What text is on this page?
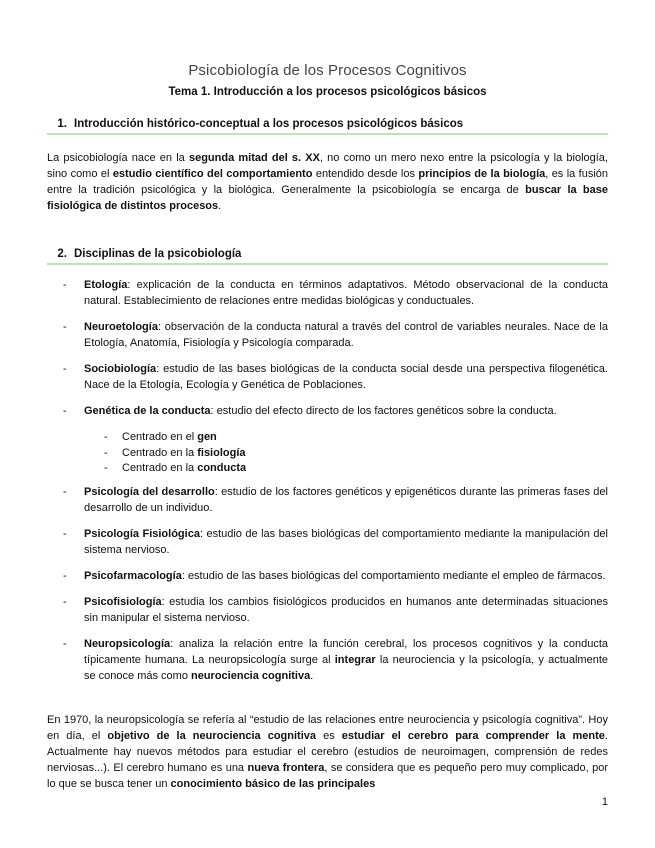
Psicobiología de los Procesos Cognitivos
Tema 1. Introducción a los procesos psicológicos básicos
1. Introducción histórico-conceptual a los procesos psicológicos básicos

La psicobiología nace en la segunda mitad del s. XX, no como un mero nexo entre la psicología y la biología, sino como el estudio científico del comportamiento entendido desde los principios de la biología, es la fusión entre la tradición psicológica y la biológica. Generalmente la psicobiología se encarga de buscar la base fisiológica de distintos procesos.

2. Disciplinas de la psicobiología
- Etología: explicación de la conducta en términos adaptativos. Método observacional de la conducta natural. Establecimiento de relaciones entre medidas biológicas y conductuales.
- Neuroetología: observación de la conducta natural a través del control de variables neurales. Nace de la Etología, Anatomía, Fisiología y Psicología comparada.
- Sociobiología: estudio de las bases biológicas de la conducta social desde una perspectiva filogenética. Nace de la Etología, Ecología y Genética de Poblaciones.
- Genética de la conducta: estudio del efecto directo de los factores genéticos sobre la conducta.
- Psicología del desarrollo: estudio de los factores genéticos y epigenéticos durante las primeras fases del desarrollo de un individuo.
- Psicología Fisiológica: estudio de las bases biológicas del comportamiento mediante la manipulación del sistema nervioso.
- Psicofarmacología: estudio de las bases biológicas del comportamiento mediante el empleo de fármacos.
- Psicofisiología: estudia los cambios fisiológicos producidos en humanos ante determinadas situaciones sin manipular el sistema nervioso.
- Neuropsicología: analiza la relación entre la función cerebral, los procesos cognitivos y la conducta típicamente humana. La neuropsicología surge al integrar la neurociencia y la psicología, y actualmente se conoce más como neurociencia cognitiva.
- Centrado en el gen
- Centrado en la fisiología
- Centrado en la conducta

En 1970, la neuropsicología se refería al “estudio de las relaciones entre neurociencia y psicología cognitiva”. Hoy en día, el objetivo de la neurociencia cognitiva es estudiar el cerebro para comprender la mente. Actualmente hay nuevos métodos para estudiar el cerebro (estudios de neuroimagen, comprensión de redes nerviosas...). El cerebro humano es una nueva frontera, se considera que es pequeño pero muy complicado, por lo que se busca tener un conocimiento básico de las principales

1
